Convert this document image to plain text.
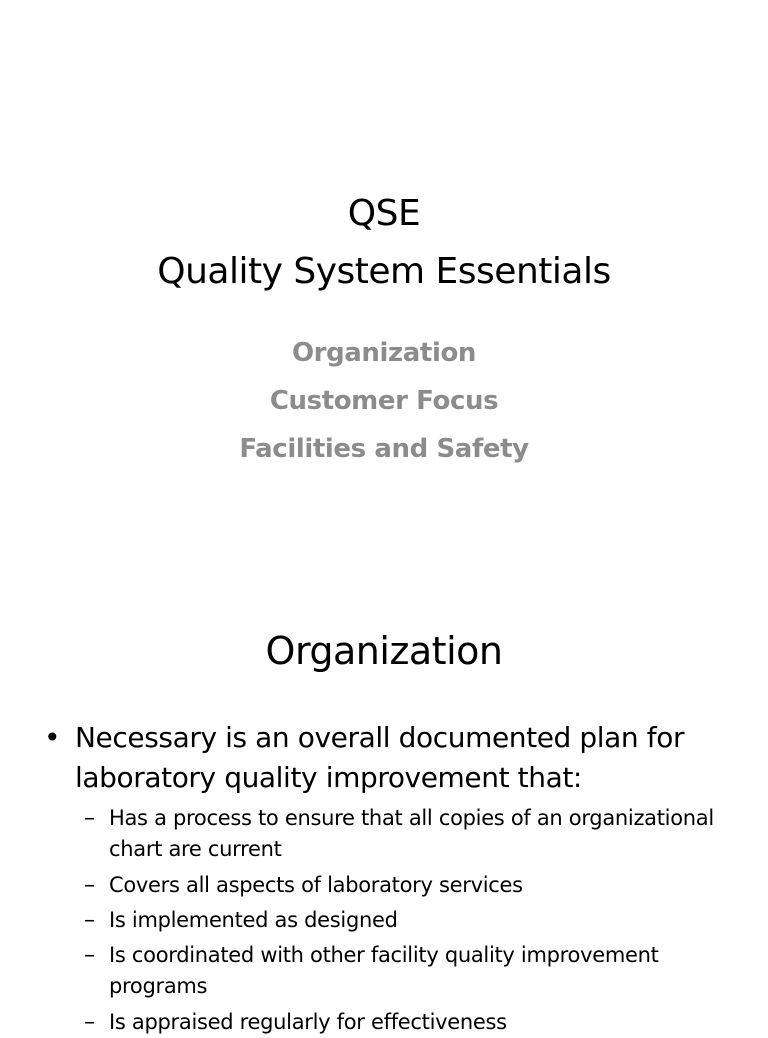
QSE
Quality System Essentials
Organization
Customer Focus
Facilities and Safety
Organization
• Necessary is an overall documented plan for laboratory quality improvement that:
– Has a process to ensure that all copies of an organizational chart are current
– Covers all aspects of laboratory services
– Is implemented as designed
– Is coordinated with other facility quality improvement programs
– Is appraised regularly for effectiveness
